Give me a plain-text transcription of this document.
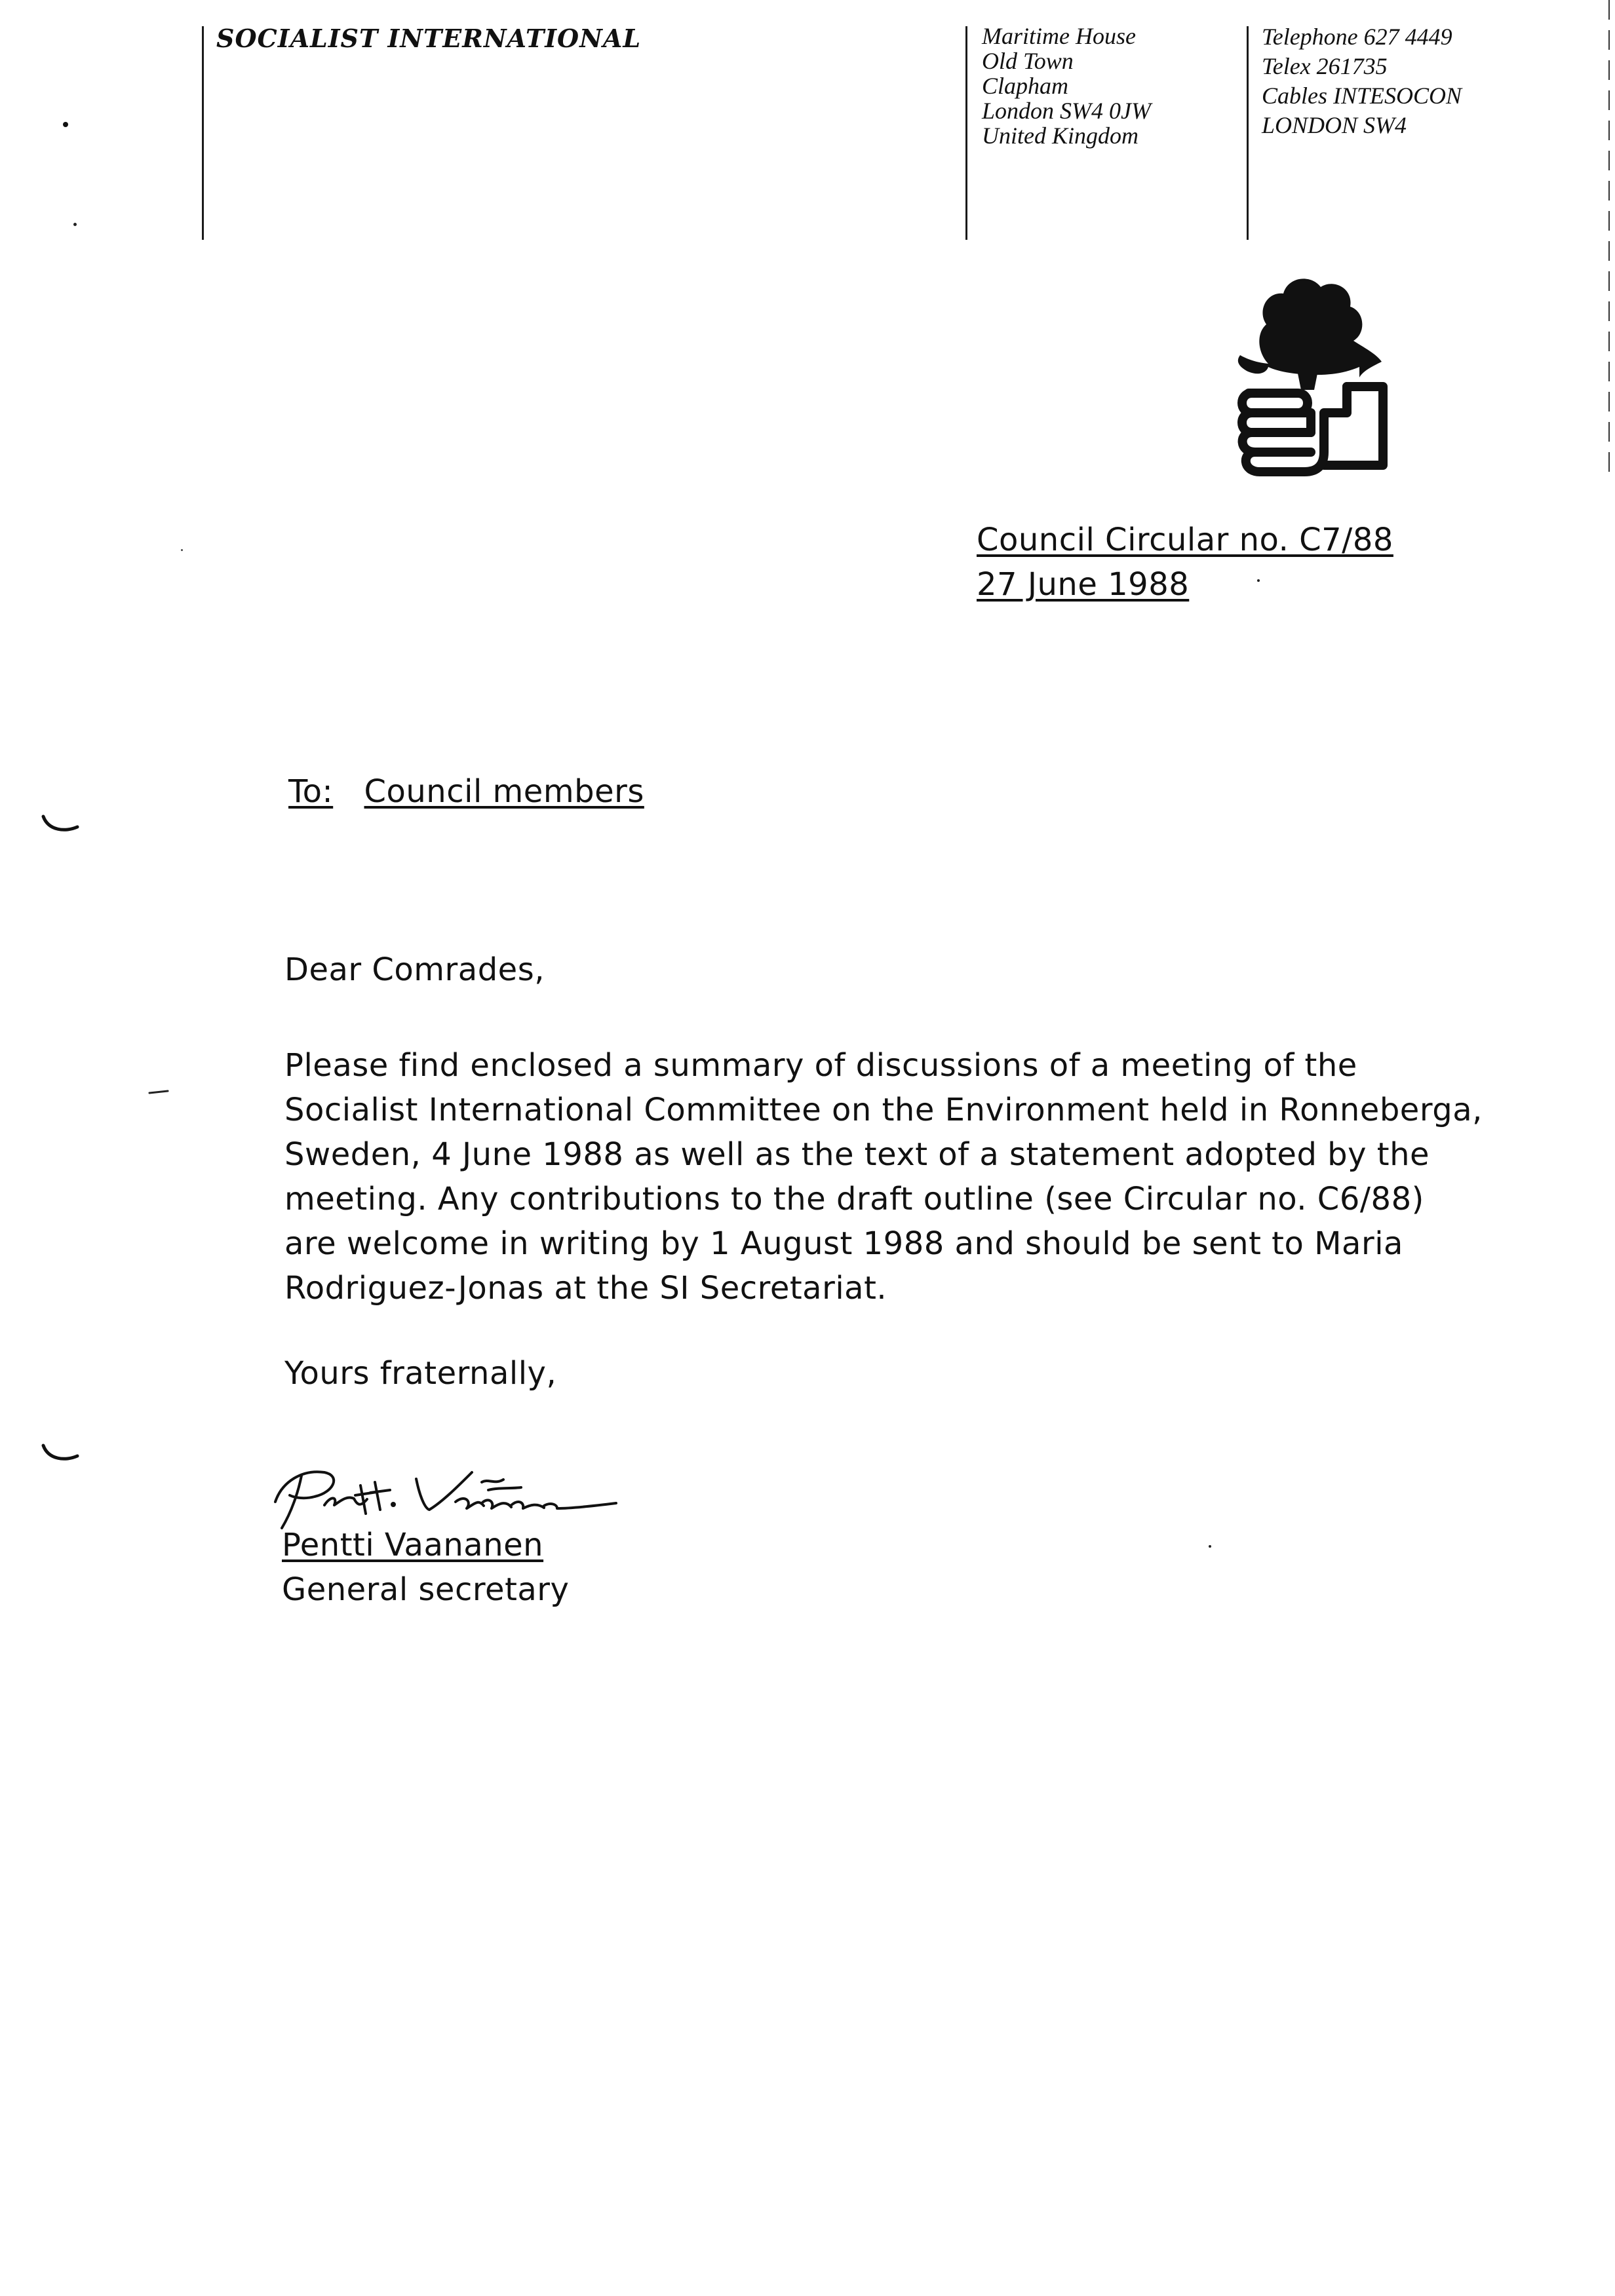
SOCIALIST INTERNATIONAL	Maritime House
Old Town
Clapham
London SW4 0JW
United Kingdom
Telephone 627 4449
Telex 261735
Cables INTESOCON
LONDON SW4
Council Circular no. C7/88
27 June 1988
To: Council members
Dear Comrades,
Please find enclosed a summary of discussions of a meeting of the
Socialist International Committee on the Environment held in Ronneberga,
Sweden, 4 June 1988 as well as the text of a statement adopted by the
meeting. Any contributions to the draft outline (see Circular no. C6/88)
are welcome in writing by 1 August 1988 and should be sent to Maria
Rodriguez-Jonas at the SI Secretariat.
Yours fraternally,
Pentti Vaananen
General secretary
